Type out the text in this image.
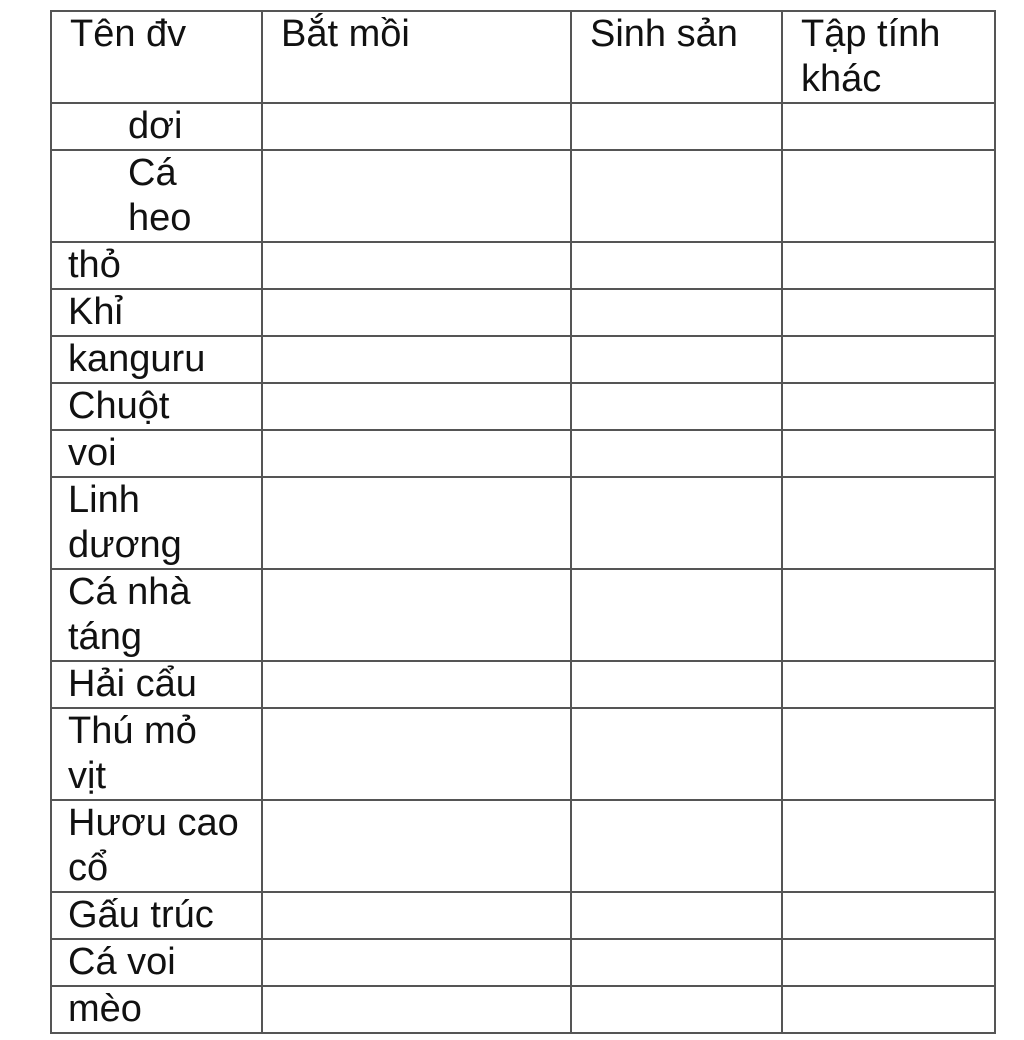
Tên đv	Bắt mồi	Sinh sản	Tập tính khác
dơi			
Cá heo			
thỏ			
Khỉ			
kanguru			
Chuột			
voi			
Linh dương			
Cá nhà táng			
Hải cẩu			
Thú mỏ vịt			
Hươu cao cổ			
Gấu trúc			
Cá voi			
mèo			
